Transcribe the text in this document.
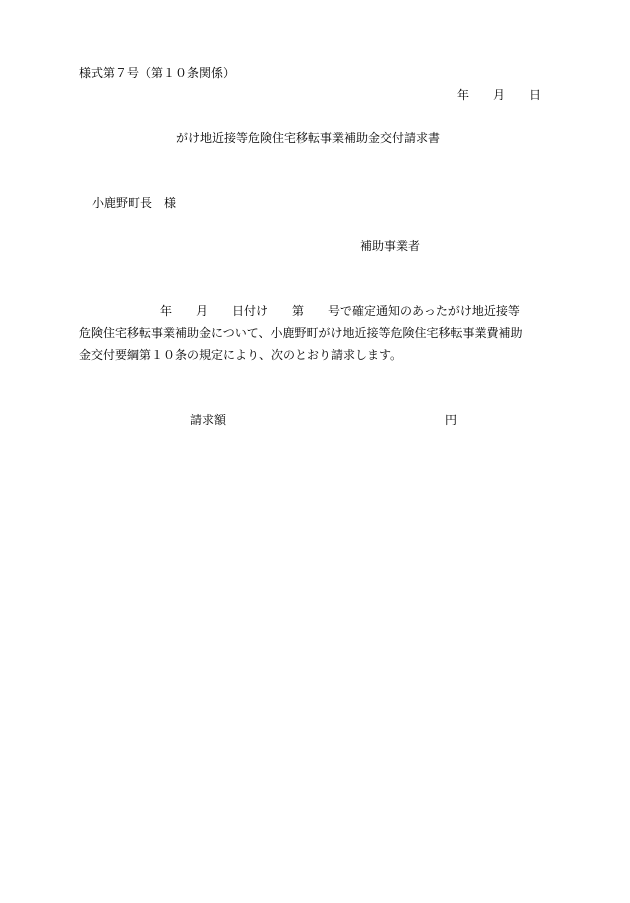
様式第７号（第１０条関係）
年　　月　　日
がけ地近接等危険住宅移転事業補助金交付請求書
小鹿野町長　様
補助事業者
年　　月　　日付け　　第　　号で確定通知のあったがけ地近接等
危険住宅移転事業補助金について、小鹿野町がけ地近接等危険住宅移転事業費補助
金交付要綱第１０条の規定により、次のとおり請求します。
請求額	円
